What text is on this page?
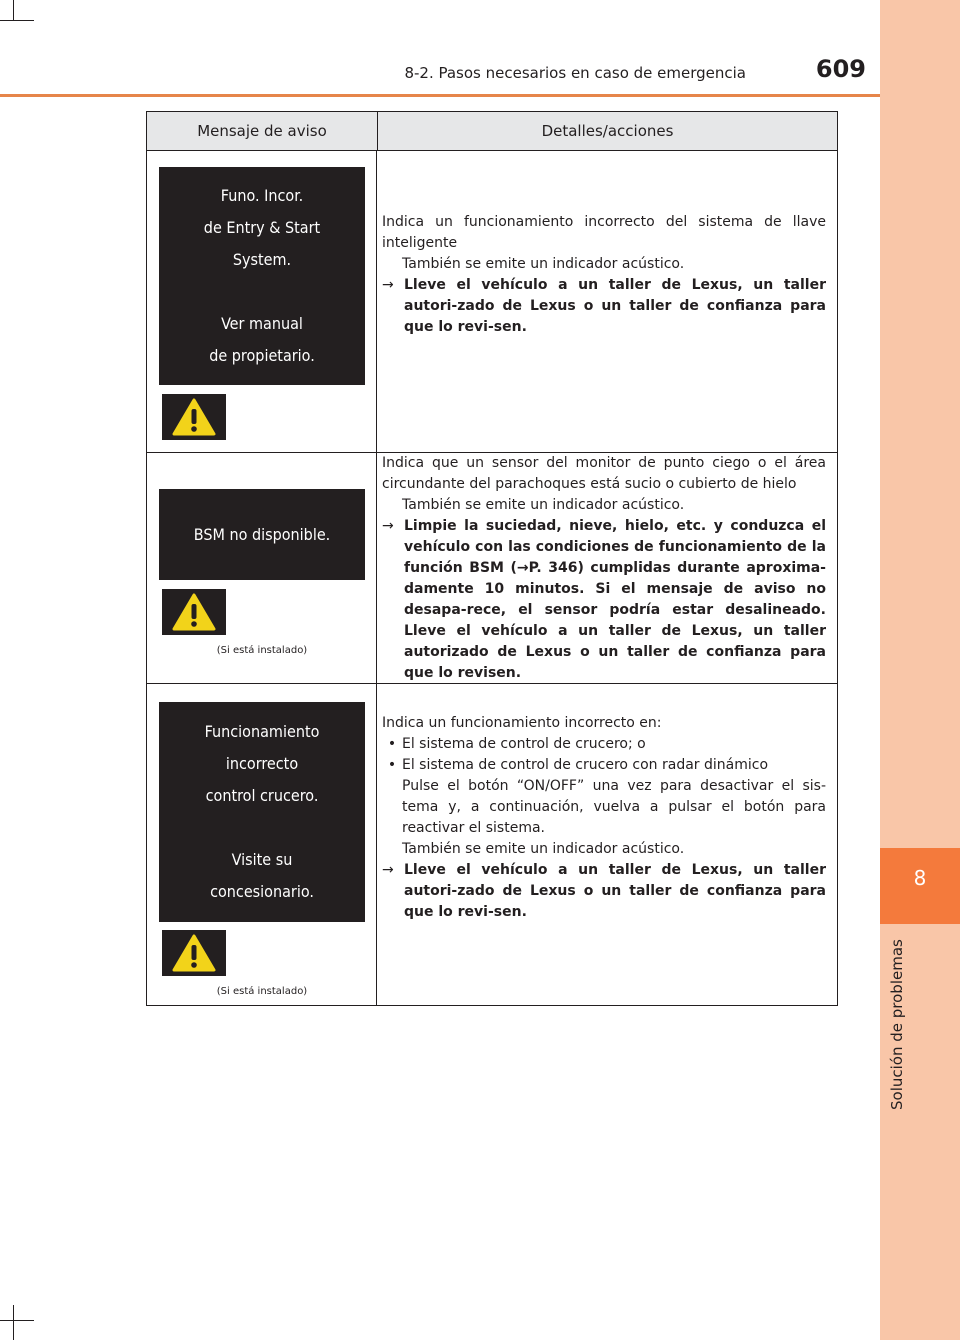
8
Solución de problemas
8-2. Pasos necesarios en caso de emergencia	609
Mensaje de aviso	Detalles/acciones
Funo. Incor.
de Entry & Start
System.
Ver manual
de propietario.

Indica un funcionamiento incorrecto del sistema de llave inteligente

También se emite un indicador acústico.

→ Lleve el vehículo a un taller de Lexus, un taller autori-zado de Lexus o un taller de confianza para que lo revi-sen.
BSM no disponible.
(Si está instalado)

Indica que un sensor del monitor de punto ciego o el área circundante del parachoques está sucio o cubierto de hielo

También se emite un indicador acústico.

→ Limpie la suciedad, nieve, hielo, etc. y conduzca el vehículo con las condiciones de funcionamiento de la función BSM (→P. 346) cumplidas durante aproxima-damente 10 minutos. Si el mensaje de aviso no desapa-rece, el sensor podría estar desalineado. Lleve el vehículo a un taller de Lexus, un taller autorizado de Lexus o un taller de confianza para que lo revisen.
Funcionamiento
incorrecto
control crucero.
Visite su
concesionario.
(Si está instalado)

Indica un funcionamiento incorrecto en:

• El sistema de control de crucero; o
• El sistema de control de crucero con radar dinámico

Pulse el botón “ON/OFF” una vez para desactivar el sis-tema y, a continuación, vuelva a pulsar el botón para reactivar el sistema.

También se emite un indicador acústico.

→ Lleve el vehículo a un taller de Lexus, un taller autori-zado de Lexus o un taller de confianza para que lo revi-sen.
